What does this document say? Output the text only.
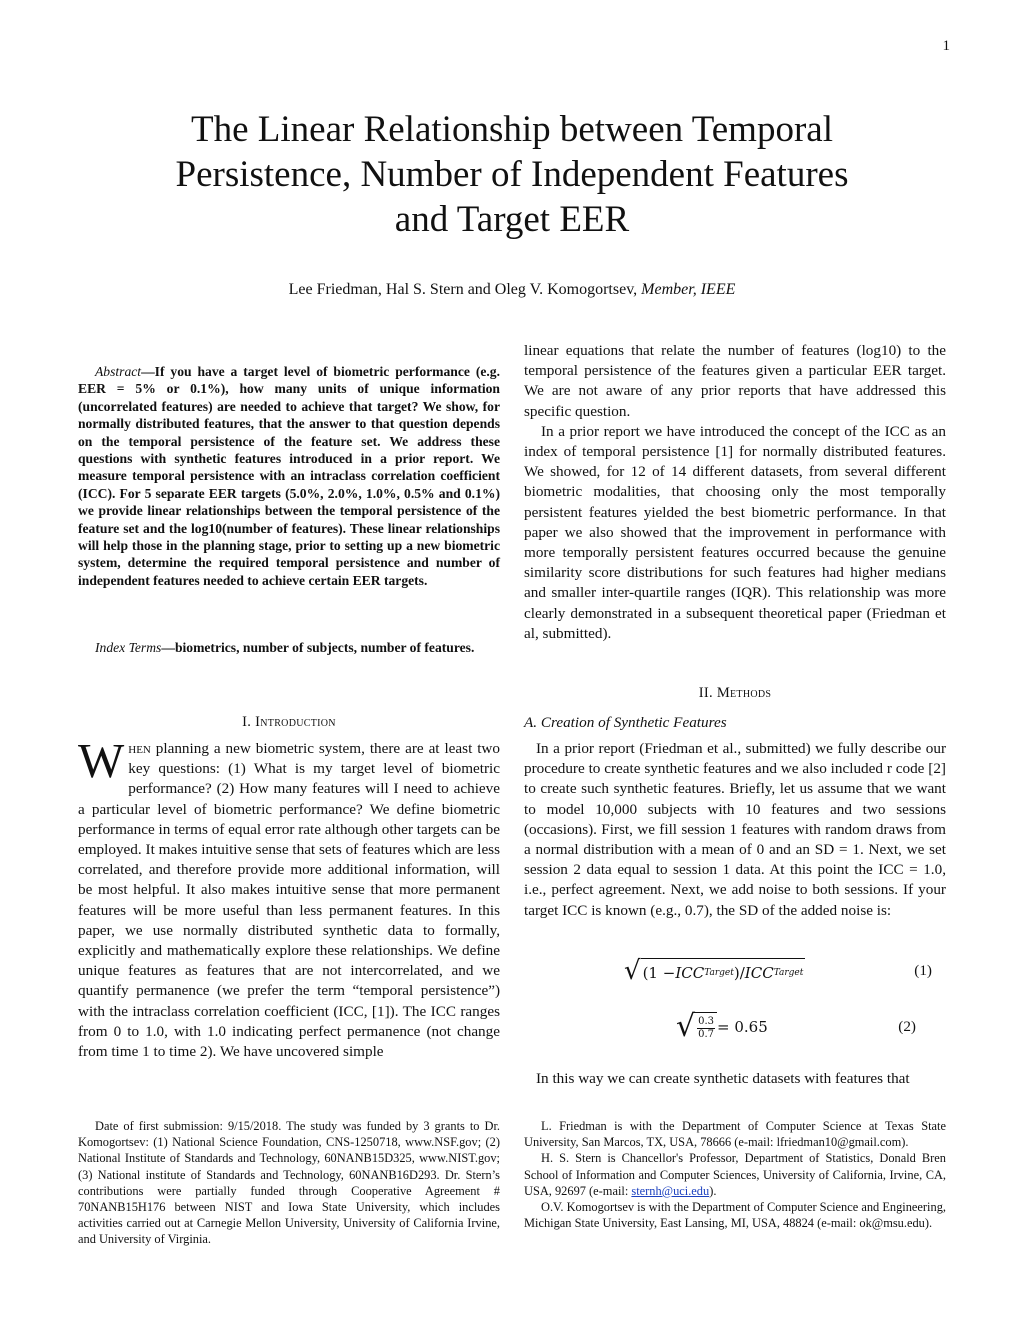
1
The Linear Relationship between Temporal
Persistence, Number of Independent Features
and Target EER
Lee Friedman, Hal S. Stern and Oleg V. Komogortsev, Member, IEEE

Abstract—If you have a target level of biometric performance (e.g. EER = 5% or 0.1%), how many units of unique information (uncorrelated features) are needed to achieve that target? We show, for normally distributed features, that the answer to that question depends on the temporal persistence of the feature set. We address these questions with synthetic features introduced in a prior report. We measure temporal persistence with an intraclass correlation coefficient (ICC). For 5 separate EER targets (5.0%, 2.0%, 1.0%, 0.5% and 0.1%) we provide linear relationships between the temporal persistence of the feature set and the log10(number of features). These linear relationships will help those in the planning stage, prior to setting up a new biometric system, determine the required temporal persistence and number of independent features needed to achieve certain EER targets.

Index Terms—biometrics, number of subjects, number of features.
I. Introduction

When planning a new biometric system, there are at least two key questions: (1) What is my target level of biometric performance? (2) How many features will I need to achieve a particular level of biometric performance? We define biometric performance in terms of equal error rate although other targets can be employed. It makes intuitive sense that sets of features which are less correlated, and therefore provide more additional information, will be most helpful. It also makes intuitive sense that more permanent features will be more useful than less permanent features. In this paper, we use normally distributed synthetic data to formally, explicitly and mathematically explore these relationships. We define unique features as features that are not intercorrelated, and we quantify permanence (we prefer the term “temporal persistence”) with the intraclass correlation coefficient (ICC, [1]). The ICC ranges from 0 to 1.0, with 1.0 indicating perfect permanence (not change from time 1 to time 2). We have uncovered simple

linear equations that relate the number of features (log10) to the temporal persistence of the features given a particular EER target. We are not aware of any prior reports that have addressed this specific question.

In a prior report we have introduced the concept of the ICC as an index of temporal persistence [1] for normally distributed features. We showed, for 12 of 14 different datasets, from several different biometric modalities, that choosing only the most temporally persistent features yielded the best biometric performance. In that paper we also showed that the improvement in performance with more temporally persistent features occurred because the genuine similarity score distributions for such features had higher medians and smaller inter-quartile ranges (IQR). This relationship was more clearly demonstrated in a subsequent theoretical paper (Friedman et al, submitted).

II. Methods
A. Creation of Synthetic Features

In a prior report (Friedman et al., submitted) we fully describe our procedure to create synthetic features and we also included r code [2] to create such synthetic features. Briefly, let us assume that we want to model 10,000 subjects with 10 features and two sessions (occasions). First, we fill session 1 features with random draws from a normal distribution with a mean of 0 and an SD = 1. Next, we set session 2 data equal to session 1 data. At this point the ICC = 1.0, i.e., perfect agreement. Next, we add noise to both sessions. If your target ICC is known (e.g., 0.7), the SD of the added noise is:

√ (1 − ICC Target )/ ICC Target	(1)
√ $\frac{0.3}{0.7} = 0.65$	(2)
In this way we can create synthetic datasets with features that

Date of first submission: 9/15/2018. The study was funded by 3 grants to Dr. Komogortsev: (1) National Science Foundation, CNS-1250718, www.NSF.gov; (2) National Institute of Standards and Technology, 60NANB15D325, www.NIST.gov; (3) National institute of Standards and Technology, 60NANB16D293. Dr. Stern’s contributions were partially funded through Cooperative Agreement # 70NANB15H176 between NIST and Iowa State University, which includes activities carried out at Carnegie Mellon University, University of California Irvine, and University of Virginia.

L. Friedman is with the Department of Computer Science at Texas State University, San Marcos, TX, USA, 78666 (e-mail: lfriedman10@gmail.com).

H. S. Stern is Chancellor's Professor, Department of Statistics, Donald Bren School of Information and Computer Sciences, University of California, Irvine, CA, USA, 92697 (e-mail: sternh@uci.edu).

O.V. Komogortsev is with the Department of Computer Science and Engineering, Michigan State University, East Lansing, MI, USA, 48824 (e-mail: ok@msu.edu).
